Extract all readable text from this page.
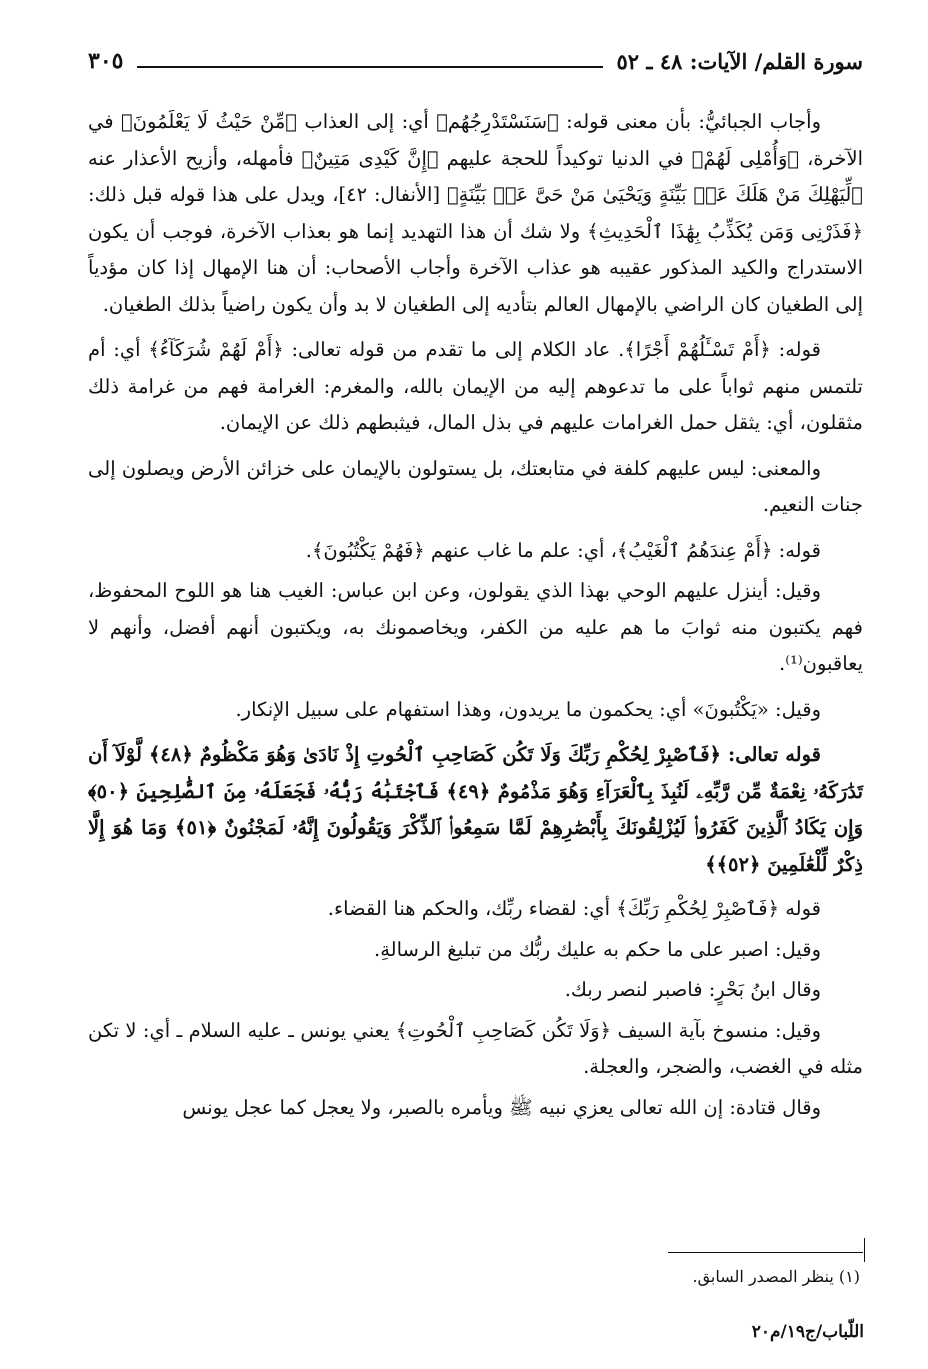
سورة القلم/ الآيات: ٤٨ ـ ٥٢
٣٠٥

وأجاب الجبائيُّ: بأن معنى قوله: ﴿سَنَسْتَدْرِجُهُم﴾ أي: إلى العذاب ﴿مِّنْ حَيْثُ لَا يَعْلَمُونَ﴾ في الآخرة، ﴿وَأُمْلِى لَهُمْ﴾ في الدنيا توكيداً للحجة عليهم ﴿إِنَّ كَيْدِى مَتِينٌ﴾ فأمهله، وأزيح الأعذار عنه ﴿لِّيَهْلِكَ مَنْ هَلَكَ عَنۢ بَيِّنَةٍ وَيَحْيَىٰ مَنْ حَىَّ عَنۢ بَيِّنَةٍ﴾ [الأنفال: ٤٢]، ويدل على هذا قوله قبل ذلك: ﴿فَذَرْنِى وَمَن يُكَذِّبُ بِهَٰذَا ٱلْحَدِيثِ﴾ ولا شك أن هذا التهديد إنما هو بعذاب الآخرة، فوجب أن يكون الاستدراج والكيد المذكور عقيبه هو عذاب الآخرة وأجاب الأصحاب: أن هنا الإمهال إذا كان مؤدياً إلى الطغيان كان الراضي بالإمهال العالم بتأديه إلى الطغيان لا بد وأن يكون راضياً بذلك الطغيان.

قوله: ﴿أَمْ تَسْـَٔلُهُمْ أَجْرًا﴾. عاد الكلام إلى ما تقدم من قوله تعالى: ﴿أَمْ لَهُمْ شُرَكَآءُ﴾ أي: أم تلتمس منهم ثواباً على ما تدعوهم إليه من الإيمان بالله، والمغرم: الغرامة فهم من غرامة ذلك مثقلون، أي: يثقل حمل الغرامات عليهم في بذل المال، فيثبطهم ذلك عن الإيمان.

والمعنى: ليس عليهم كلفة في متابعتك، بل يستولون بالإيمان على خزائن الأرض ويصلون إلى جنات النعيم.

قوله: ﴿أَمْ عِندَهُمُ ٱلْغَيْبُ﴾، أي: علم ما غاب عنهم ﴿فَهُمْ يَكْتُبُونَ﴾.

وقيل: أينزل عليهم الوحي بهذا الذي يقولون، وعن ابن عباس: الغيب هنا هو اللوح المحفوظ، فهم يكتبون منه ثوابَ ما هم عليه من الكفر، ويخاصمونك به، ويكتبون أنهم أفضل، وأنهم لا يعاقبون⁽¹⁾.

وقيل: «يَكْتُبونَ» أي: يحكمون ما يريدون، وهذا استفهام على سبيل الإنكار.

قوله تعالى: ﴿فَٱصْبِرْ لِحُكْمِ رَبِّكَ وَلَا تَكُن كَصَاحِبِ ٱلْحُوتِ إِذْ نَادَىٰ وَهُوَ مَكْظُومٌ ﴿٤٨﴾ لَّوْلَآ أَن تَدَٰرَكَهُۥ نِعْمَةٌ مِّن رَّبِّهِۦ لَنُبِذَ بِٱلْعَرَآءِ وَهُوَ مَذْمُومٌ ﴿٤٩﴾ فَٱجْتَبَٰهُ رَبُّهُۥ فَجَعَلَهُۥ مِنَ ٱلصَّٰلِحِينَ ﴿٥٠﴾ وَإِن يَكَادُ ٱلَّذِينَ كَفَرُوا۟ لَيُزْلِقُونَكَ بِأَبْصَٰرِهِمْ لَمَّا سَمِعُوا۟ ٱلذِّكْرَ وَيَقُولُونَ إِنَّهُۥ لَمَجْنُونٌ ﴿٥١﴾ وَمَا هُوَ إِلَّا ذِكْرٌ لِّلْعَٰلَمِينَ ﴿٥٢﴾﴾

قوله ﴿فَٱصْبِرْ لِحُكْمِ رَبِّكَ﴾ أي: لقضاء ربِّك، والحكم هنا القضاء.

وقيل: اصبر على ما حكم به عليك ربُّك من تبليغ الرسالةِ.

وقال ابنُ بَحْرٍ: فاصبر لنصر ربك.

وقيل: منسوخ بآية السيف ﴿وَلَا تَكُن كَصَاحِبِ ٱلْحُوتِ﴾ يعني يونس ـ عليه السلام ـ أي: لا تكن مثله في الغضب، والضجر، والعجلة.

وقال قتادة: إن الله تعالى يعزي نبيه ﷺ ويأمره بالصبر، ولا يعجل كما عجل يونس

(١) ينظر المصدر السابق.
اللّباب/ج١٩/م٢٠
